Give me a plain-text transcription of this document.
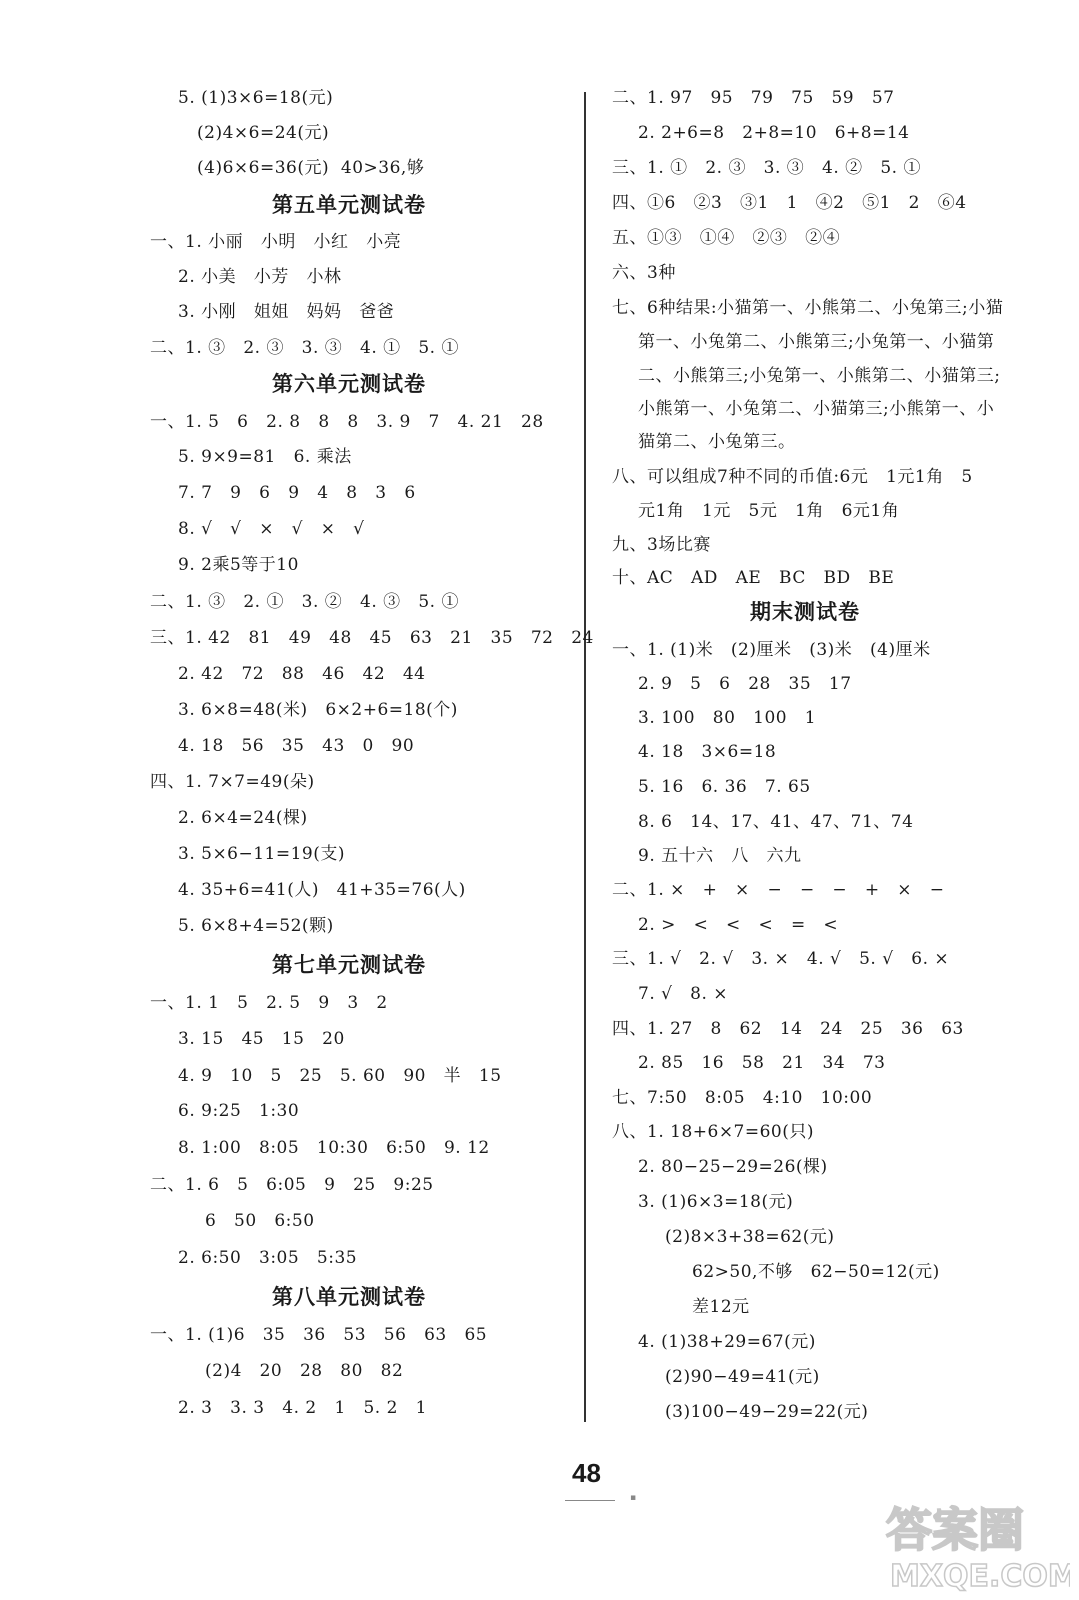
5. (1)3×6=18(元)
(2)4×6=24(元)
(4)6×6=36(元)  40>36,够
第五单元测试卷
一、1. 小丽   小明   小红   小亮
2. 小美   小芳   小林
3. 小刚   姐姐   妈妈   爸爸
二、1. ③   2. ③   3. ③   4. ①   5. ①
第六单元测试卷
一、1. 5   6   2. 8   8   8   3. 9   7   4. 21   28
5. 9×9=81   6. 乘法
7. 7   9   6   9   4   8   3   6
8. √   √   ×   √   ×   √
9. 2乘5等于10
二、1. ③   2. ①   3. ②   4. ③   5. ①
三、1. 42   81   49   48   45   63   21   35   72   24
2. 42   72   88   46   42   44
3. 6×8=48(米)   6×2+6=18(个)
4. 18   56   35   43   0   90
四、1. 7×7=49(朵)
2. 6×4=24(棵)
3. 5×6−11=19(支)
4. 35+6=41(人)   41+35=76(人)
5. 6×8+4=52(颗)
第七单元测试卷
一、1. 1   5   2. 5   9   3   2
3. 15   45   15   20
4. 9   10   5   25   5. 60   90   半   15
6. 9:25   1:30
8. 1:00   8:05   10:30   6:50   9. 12
二、1. 6   5   6:05   9   25   9:25
6   50   6:50
2. 6:50   3:05   5:35
第八单元测试卷
一、1. (1)6   35   36   53   56   63   65
(2)4   20   28   80   82
2. 3   3. 3   4. 2   1   5. 2   1
二、1. 97   95   79   75   59   57
2. 2+6=8   2+8=10   6+8=14
三、1. ①   2. ③   3. ③   4. ②   5. ①
四、①6   ②3   ③1   1   ④2   ⑤1   2   ⑥4
五、①③   ①④   ②③   ②④
六、3种
七、6种结果:小猫第一、小熊第二、小兔第三;小猫
第一、小兔第二、小熊第三;小兔第一、小猫第
二、小熊第三;小兔第一、小熊第二、小猫第三;
小熊第一、小兔第二、小猫第三;小熊第一、小
猫第二、小兔第三。
八、可以组成7种不同的币值:6元   1元1角   5
元1角   1元   5元   1角   6元1角
九、3场比赛
十、AC   AD   AE   BC   BD   BE
期末测试卷
一、1. (1)米   (2)厘米   (3)米   (4)厘米
2. 9   5   6   28   35   17
3. 100   80   100   1
4. 18   3×6=18
5. 16   6. 36   7. 65
8. 6   14、17、41、47、71、74
9. 五十六   八   六九
二、1. ×   +   ×   −   −   −   +   ×   −
2. >   <   <   <   =   <
三、1. √   2. √   3. ×   4. √   5. √   6. ×
7. √   8. ×
四、1. 27   8   62   14   24   25   36   63
2. 85   16   58   21   34   73
七、7:50   8:05   4:10   10:00
八、1. 18+6×7=60(只)
2. 80−25−29=26(棵)
3. (1)6×3=18(元)
(2)8×3+38=62(元)
62>50,不够   62−50=12(元)
差12元
4. (1)38+29=67(元)
(2)90−49=41(元)
(3)100−49−29=22(元)
48
▪
答案圈
MXQE.COM
